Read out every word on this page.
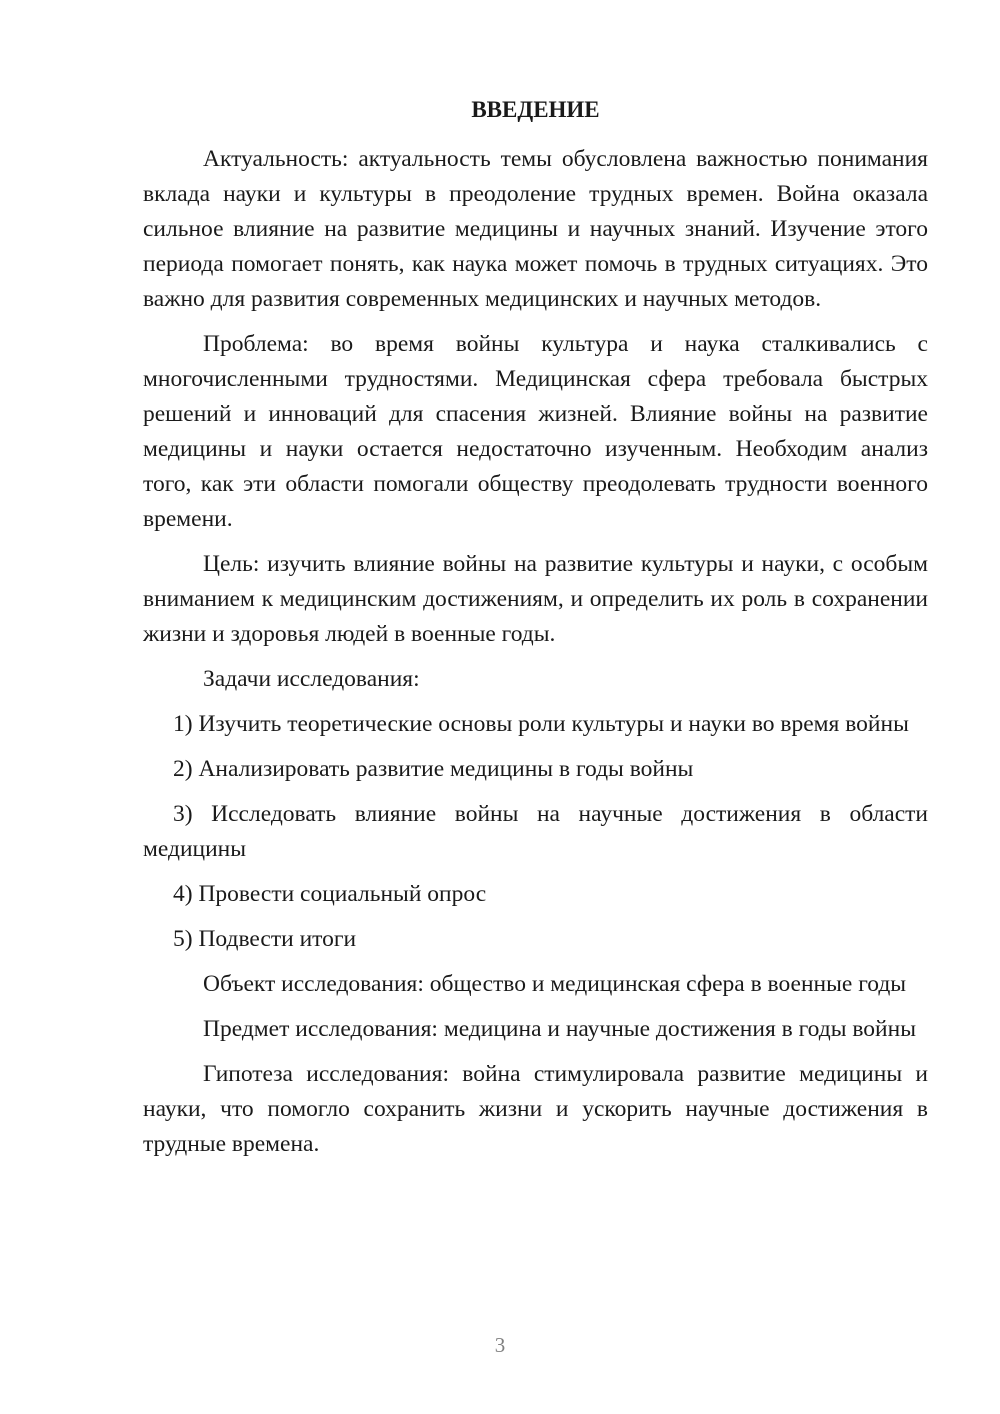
ВВЕДЕНИЕ

Актуальность: актуальность темы обусловлена важностью понимания вклада науки и культуры в преодоление трудных времен. Война оказала сильное влияние на развитие медицины и научных знаний. Изучение этого периода помогает понять, как наука может помочь в трудных ситуациях. Это важно для развития современных медицинских и научных методов.

Проблема: во время войны культура и наука сталкивались с многочисленными трудностями. Медицинская сфера требовала быстрых решений и инноваций для спасения жизней. Влияние войны на развитие медицины и науки остается недостаточно изученным. Необходим анализ того, как эти области помогали обществу преодолевать трудности военного времени.

Цель: изучить влияние войны на развитие культуры и науки, с особым вниманием к медицинским достижениям, и определить их роль в сохранении жизни и здоровья людей в военные годы.

Задачи исследования:

1) Изучить теоретические основы роли культуры и науки во время войны

2) Анализировать развитие медицины в годы войны

3) Исследовать влияние войны на научные достижения в области медицины

4) Провести социальный опрос

5) Подвести итоги

Объект исследования: общество и медицинская сфера в военные годы

Предмет исследования: медицина и научные достижения в годы войны

Гипотеза исследования: война стимулировала развитие медицины и науки, что помогло сохранить жизни и ускорить научные достижения в трудные времена.

3
